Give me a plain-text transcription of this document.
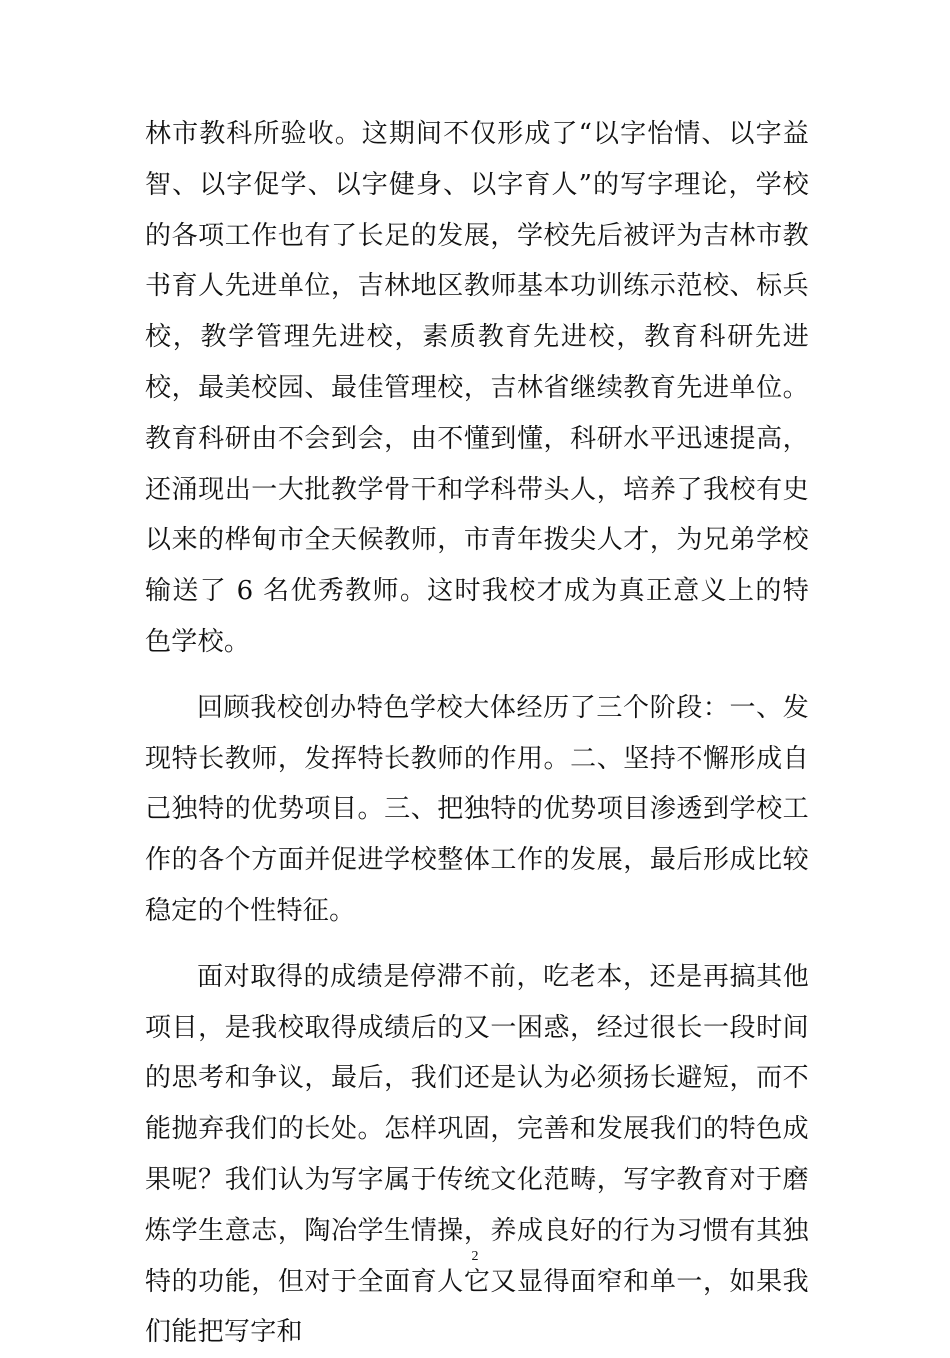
林市教科所验收。这期间不仅形成了“以字怡情、以字益智、以字促学、以字健身、以字育人”的写字理论，学校的各项工作也有了长足的发展，学校先后被评为吉林市教书育人先进单位，吉林地区教师基本功训练示范校、标兵校，教学管理先进校，素质教育先进校，教育科研先进校，最美校园、最佳管理校，吉林省继续教育先进单位。教育科研由不会到会，由不懂到懂，科研水平迅速提高，还涌现出一大批教学骨干和学科带头人，培养了我校有史以来的桦甸市全天候教师，市青年拨尖人才，为兄弟学校输送了 6 名优秀教师。这时我校才成为真正意义上的特色学校。

回顾我校创办特色学校大体经历了三个阶段：一、发现特长教师，发挥特长教师的作用。二、坚持不懈形成自己独特的优势项目。三、把独特的优势项目渗透到学校工作的各个方面并促进学校整体工作的发展，最后形成比较稳定的个性特征。

面对取得的成绩是停滞不前，吃老本，还是再搞其他项目，是我校取得成绩后的又一困惑，经过很长一段时间的思考和争议，最后，我们还是认为必须扬长避短，而不能抛弃我们的长处。怎样巩固，完善和发展我们的特色成果呢？我们认为写字属于传统文化范畴，写字教育对于磨炼学生意志，陶冶学生情操，养成良好的行为习惯有其独特的功能，但对于全面育人它又显得面窄和单一，如果我们能把写字和

2
